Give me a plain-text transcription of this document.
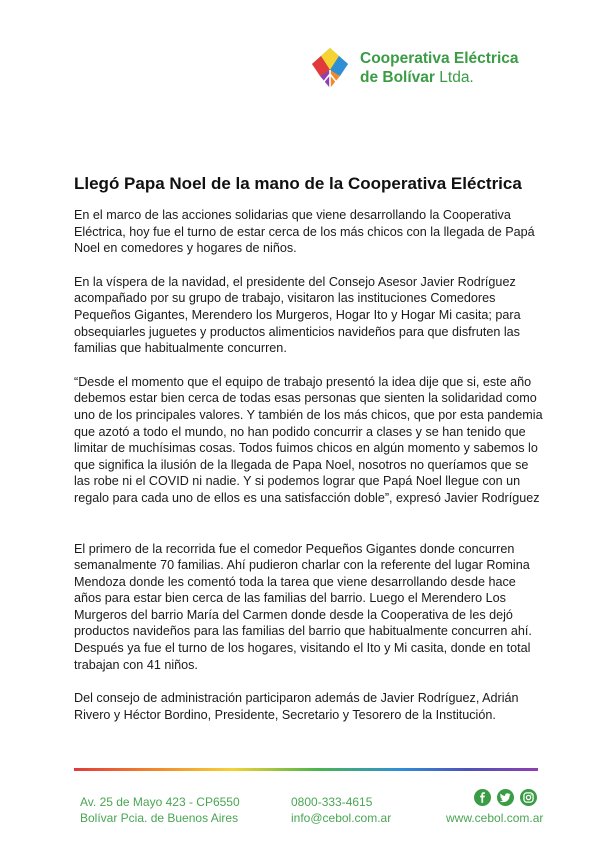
Cooperativa Eléctrica
de Bolívar Ltda.
Llegó Papa Noel de la mano de la Cooperativa Eléctrica

En el marco de las acciones solidarias que viene desarrollando la Cooperativa Eléctrica, hoy fue el turno de estar cerca de los más chicos con la llegada de Papá Noel en comedores y hogares de niños.

En la víspera de la navidad, el presidente del Consejo Asesor Javier Rodríguez acompañado por su grupo de trabajo, visitaron las instituciones Comedores Pequeños Gigantes, Merendero los Murgeros, Hogar Ito y Hogar Mi casita; para obsequiarles juguetes y productos alimenticios navideños para que disfruten las familias que habitualmente concurren.

“Desde el momento que el equipo de trabajo presentó la idea dije que si, este año debemos estar bien cerca de todas esas personas que sienten la solidaridad como uno de los principales valores. Y también de los más chicos, que por esta pandemia que azotó a todo el mundo, no han podido concurrir a clases y se han tenido que limitar de muchísimas cosas. Todos fuimos chicos en algún momento y sabemos lo que significa la ilusión de la llegada de Papa Noel, nosotros no queríamos que se las robe ni el COVID ni nadie. Y si podemos lograr que Papá Noel llegue con un regalo para cada uno de ellos es una satisfacción doble”, expresó Javier Rodríguez

El primero de la recorrida fue el comedor Pequeños Gigantes donde concurren semanalmente 70 familias. Ahí pudieron charlar con la referente del lugar Romina Mendoza donde les comentó toda la tarea que viene desarrollando desde hace años para estar bien cerca de las familias del barrio. Luego el Merendero Los Murgeros del barrio María del Carmen donde desde la Cooperativa de les dejó productos navideños para las familias del barrio que habitualmente concurren ahí. Después ya fue el turno de los hogares, visitando el Ito y Mi casita, donde en total trabajan con 41 niños.

Del consejo de administración participaron además de Javier Rodríguez, Adrián Rivero y Héctor Bordino, Presidente, Secretario y Tesorero de la Institución.

Av. 25 de Mayo 423 - CP6550
Bolívar Pcia. de Buenos Aires
0800-333-4615
info@cebol.com.ar	www.cebol.com.ar
